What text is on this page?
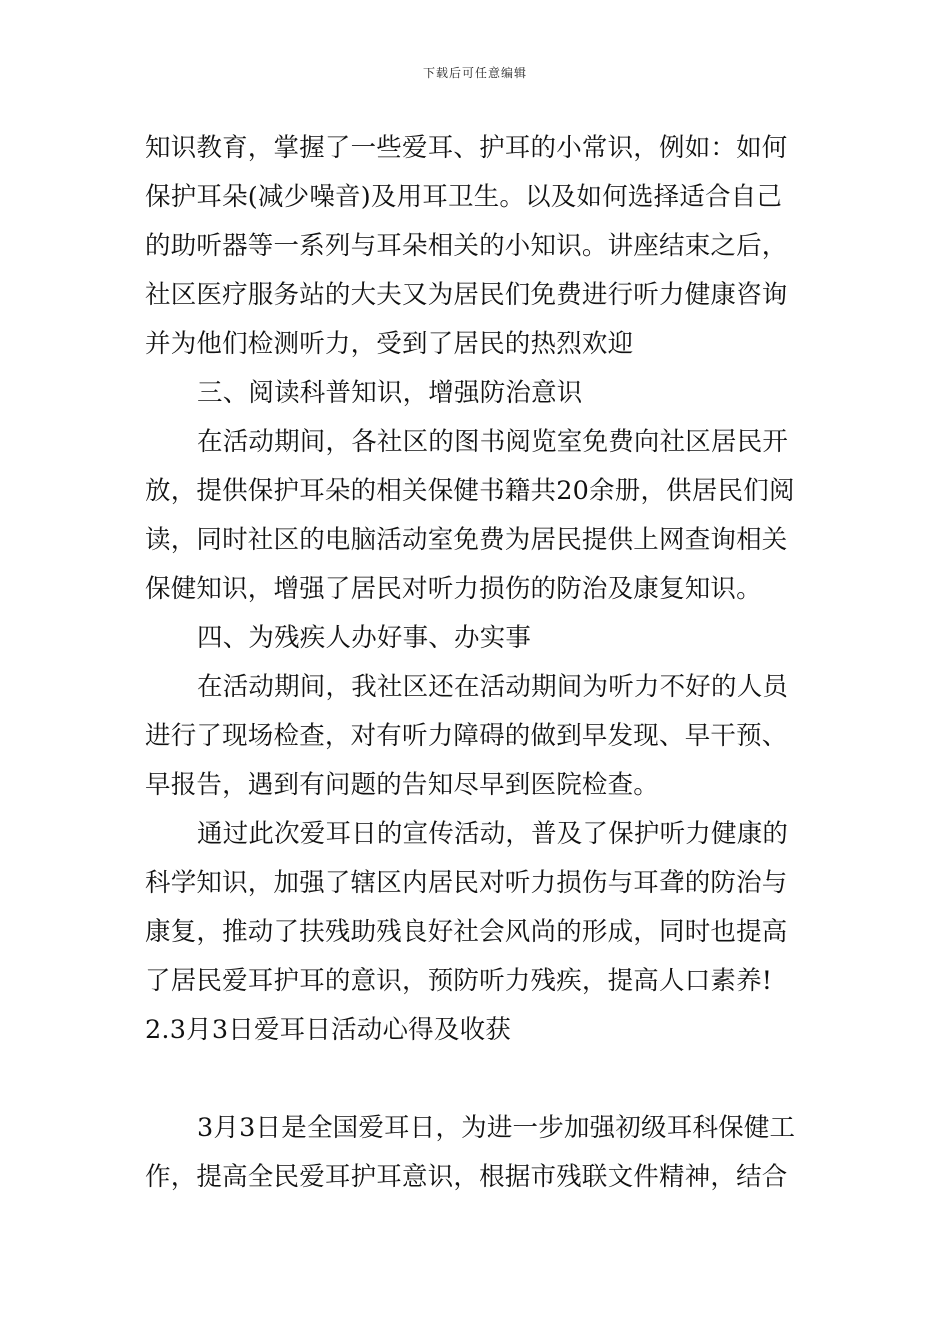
下载后可任意编辑
知识教育，掌握了一些爱耳、护耳的小常识，例如：如何
保护耳朵(减少噪音)及用耳卫生。以及如何选择适合自己
的助听器等一系列与耳朵相关的小知识。讲座结束之后，
社区医疗服务站的大夫又为居民们免费进行听力健康咨询
并为他们检测听力，受到了居民的热烈欢迎
三、阅读科普知识，增强防治意识
在活动期间，各社区的图书阅览室免费向社区居民开
放，提供保护耳朵的相关保健书籍共20余册，供居民们阅
读，同时社区的电脑活动室免费为居民提供上网查询相关
保健知识，增强了居民对听力损伤的防治及康复知识。
四、为残疾人办好事、办实事
在活动期间，我社区还在活动期间为听力不好的人员
进行了现场检查，对有听力障碍的做到早发现、早干预、
早报告，遇到有问题的告知尽早到医院检查。
通过此次爱耳日的宣传活动，普及了保护听力健康的
科学知识，加强了辖区内居民对听力损伤与耳聋的防治与
康复，推动了扶残助残良好社会风尚的形成，同时也提高
了居民爱耳护耳的意识，预防听力残疾，提高人口素养!
2.3月3日爱耳日活动心得及收获
3月3日是全国爱耳日，为进一步加强初级耳科保健工
作，提高全民爱耳护耳意识，根据市残联文件精神，结合
